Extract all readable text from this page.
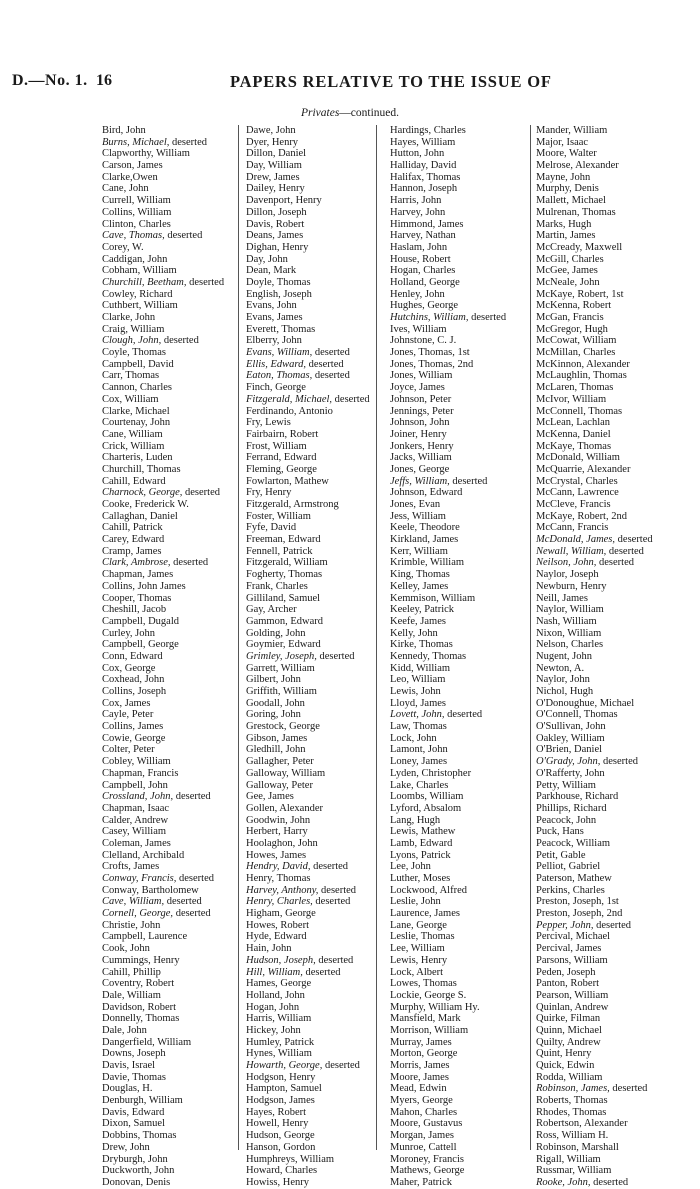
D.—No. 1. 16	PAPERS RELATIVE TO THE ISSUE OF
Privates—continued.
Bird, John
Burns, Michael, deserted
Clapworthy, William
Carson, James
Clarke,Owen
Cane, John
Currell, William
Collins, William
Clinton, Charles
Cave, Thomas, deserted
Corey, W.
Caddigan, John
Cobham, William
Churchill, Beetham, deserted
Cowley, Richard
Cuthbert, William
Clarke, John
Craig, William
Clough, John, deserted
Coyle, Thomas
Campbell, David
Carr, Thomas
Cannon, Charles
Cox, William
Clarke, Michael
Courtenay, John
Cane, William
Crick, William
Charteris, Luden
Churchill, Thomas
Cahill, Edward
Charnock, George, deserted
Cooke, Frederick W.
Callaghan, Daniel
Cahill, Patrick
Carey, Edward
Cramp, James
Clark, Ambrose, deserted
Chapman, James
Collins, John James
Cooper, Thomas
Cheshill, Jacob
Campbell, Dugald
Curley, John
Campbell, George
Conn, Edward
Cox, George
Coxhead, John
Collins, Joseph
Cox, James
Cayle, Peter
Collins, James
Cowie, George
Colter, Peter
Cobley, William
Chapman, Francis
Campbell, John
Crossland, John, deserted
Chapman, Isaac
Calder, Andrew
Casey, William
Coleman, James
Clelland, Archibald
Crofts, James
Conway, Francis, deserted
Conway, Bartholomew
Cave, William, deserted
Cornell, George, deserted
Christie, John
Campbell, Laurence
Cook, John
Cummings, Henry
Cahill, Phillip
Coventry, Robert
Dale, William
Davidson, Robert
Donnelly, Thomas
Dale, John
Dangerfield, William
Downs, Joseph
Davis, Israel
Davie, Thomas
Douglas, H.
Denburgh, William
Davis, Edward
Dixon, Samuel
Dobbins, Thomas
Drew, John
Dryburgh, John
Duckworth, John
Donovan, Denis
Dawe, John
Dyer, Henry
Dillon, Daniel
Day, William
Drew, James
Dailey, Henry
Davenport, Henry
Dillon, Joseph
Davis, Robert
Deans, James
Dighan, Henry
Day, John
Dean, Mark
Doyle, Thomas
English, Joseph
Evans, John
Evans, James
Everett, Thomas
Elberry, John
Evans, William, deserted
Ellis, Edward, deserted
Eaton, Thomas, deserted
Finch, George
Fitzgerald, Michael, deserted
Ferdinando, Antonio
Fry, Lewis
Fairbairn, Robert
Frost, William
Ferrand, Edward
Fleming, George
Fowlarton, Mathew
Fry, Henry
Fitzgerald, Armstrong
Foster, William
Fyfe, David
Freeman, Edward
Fennell, Patrick
Fitzgerald, William
Fogherty, Thomas
Frank, Charles
Gilliland, Samuel
Gay, Archer
Gammon, Edward
Golding, John
Goymier, Edward
Grimley, Joseph, deserted
Garrett, William
Gilbert, John
Griffith, William
Goodall, John
Goring, John
Grestock, George
Gibson, James
Gledhill, John
Gallagher, Peter
Galloway, William
Galloway, Peter
Gee, James
Gollen, Alexander
Goodwin, John
Herbert, Harry
Hoolaghon, John
Howes, James
Hendry, David, deserted
Henry, Thomas
Harvey, Anthony, deserted
Henry, Charles, deserted
Higham, George
Howes, Robert
Hyde, Edward
Hain, John
Hudson, Joseph, deserted
Hill, William, deserted
Hames, George
Holland, John
Hogan, John
Harris, William
Hickey, John
Humley, Patrick
Hynes, William
Howarth, George, deserted
Hodgson, Henry
Hampton, Samuel
Hodgson, James
Hayes, Robert
Howell, Henry
Hudson, George
Hanson, Gordon
Humphreys, William
Howard, Charles
Howiss, Henry
Hardings, Charles
Hayes, William
Hutton, John
Halliday, David
Halifax, Thomas
Hannon, Joseph
Harris, John
Harvey, John
Himmond, James
Harvey, Nathan
Haslam, John
House, Robert
Hogan, Charles
Holland, George
Henley, John
Hughes, George
Hutchins, William, deserted
Ives, William
Johnstone, C. J.
Jones, Thomas, 1st
Jones, Thomas, 2nd
Jones, William
Joyce, James
Johnson, Peter
Jennings, Peter
Johnson, John
Joiner, Henry
Jonkers, Henry
Jacks, William
Jones, George
Jeffs, William, deserted
Johnson, Edward
Jones, Evan
Jess, William
Keele, Theodore
Kirkland, James
Kerr, William
Krimble, William
King, Thomas
Kelley, James
Kemmison, William
Keeley, Patrick
Keefe, James
Kelly, John
Kirke, Thomas
Kennedy, Thomas
Kidd, William
Leo, William
Lewis, John
Lloyd, James
Lovett, John, deserted
Law, Thomas
Lock, John
Lamont, John
Loney, James
Lyden, Christopher
Lake, Charles
Loombs, William
Lyford, Absalom
Lang, Hugh
Lewis, Mathew
Lamb, Edward
Lyons, Patrick
Lee, John
Luther, Moses
Lockwood, Alfred
Leslie, John
Laurence, James
Lane, George
Leslie, Thomas
Lee, William
Lewis, Henry
Lock, Albert
Lowes, Thomas
Lockie, George S.
Murphy, William Hy.
Mansfield, Mark
Morrison, William
Murray, James
Morton, George
Morris, James
Moore, James
Mead, Edwin
Myers, George
Mahon, Charles
Moore, Gustavus
Morgan, James
Munroe, Cattell
Moroney, Francis
Mathews, George
Maher, Patrick
Mander, William
Major, Isaac
Moore, Walter
Melrose, Alexander
Mayne, John
Murphy, Denis
Mallett, Michael
Mulrenan, Thomas
Marks, Hugh
Martin, James
McCready, Maxwell
McGill, Charles
McGee, James
McNeale, John
McKaye, Robert, 1st
McKenna, Robert
McGan, Francis
McGregor, Hugh
McCowat, William
McMillan, Charles
McKinnon, Alexander
McLaughlin, Thomas
McLaren, Thomas
McIvor, William
McConnell, Thomas
McLean, Lachlan
McKenna, Daniel
McKaye, Thomas
McDonald, William
McQuarrie, Alexander
McCrystal, Charles
McCann, Lawrence
McCleve, Francis
McKaye, Robert, 2nd
McCann, Francis
McDonald, James, deserted
Newall, William, deserted
Neilson, John, deserted
Naylor, Joseph
Newburn, Henry
Neill, James
Naylor, William
Nash, William
Nixon, William
Nelson, Charles
Nugent, John
Newton, A.
Naylor, John
Nichol, Hugh
O'Donoughue, Michael
O'Connell, Thomas
O'Sullivan, John
Oakley, William
O'Brien, Daniel
O'Grady, John, deserted
O'Rafferty, John
Petty, William
Parkhouse, Richard
Phillips, Richard
Peacock, John
Puck, Hans
Peacock, William
Petit, Gable
Pelliot, Gabriel
Paterson, Mathew
Perkins, Charles
Preston, Joseph, 1st
Preston, Joseph, 2nd
Pepper, John, deserted
Percival, Michael
Percival, James
Parsons, William
Peden, Joseph
Panton, Robert
Pearson, William
Quinlan, Andrew
Quirke, Filman
Quinn, Michael
Quilty, Andrew
Quint, Henry
Quick, Edwin
Rodda, William
Robinson, James, deserted
Roberts, Thomas
Rhodes, Thomas
Robertson, Alexander
Ross, William H.
Robinson, Marshall
Rigall, William
Russmar, William
Rooke, John, deserted
